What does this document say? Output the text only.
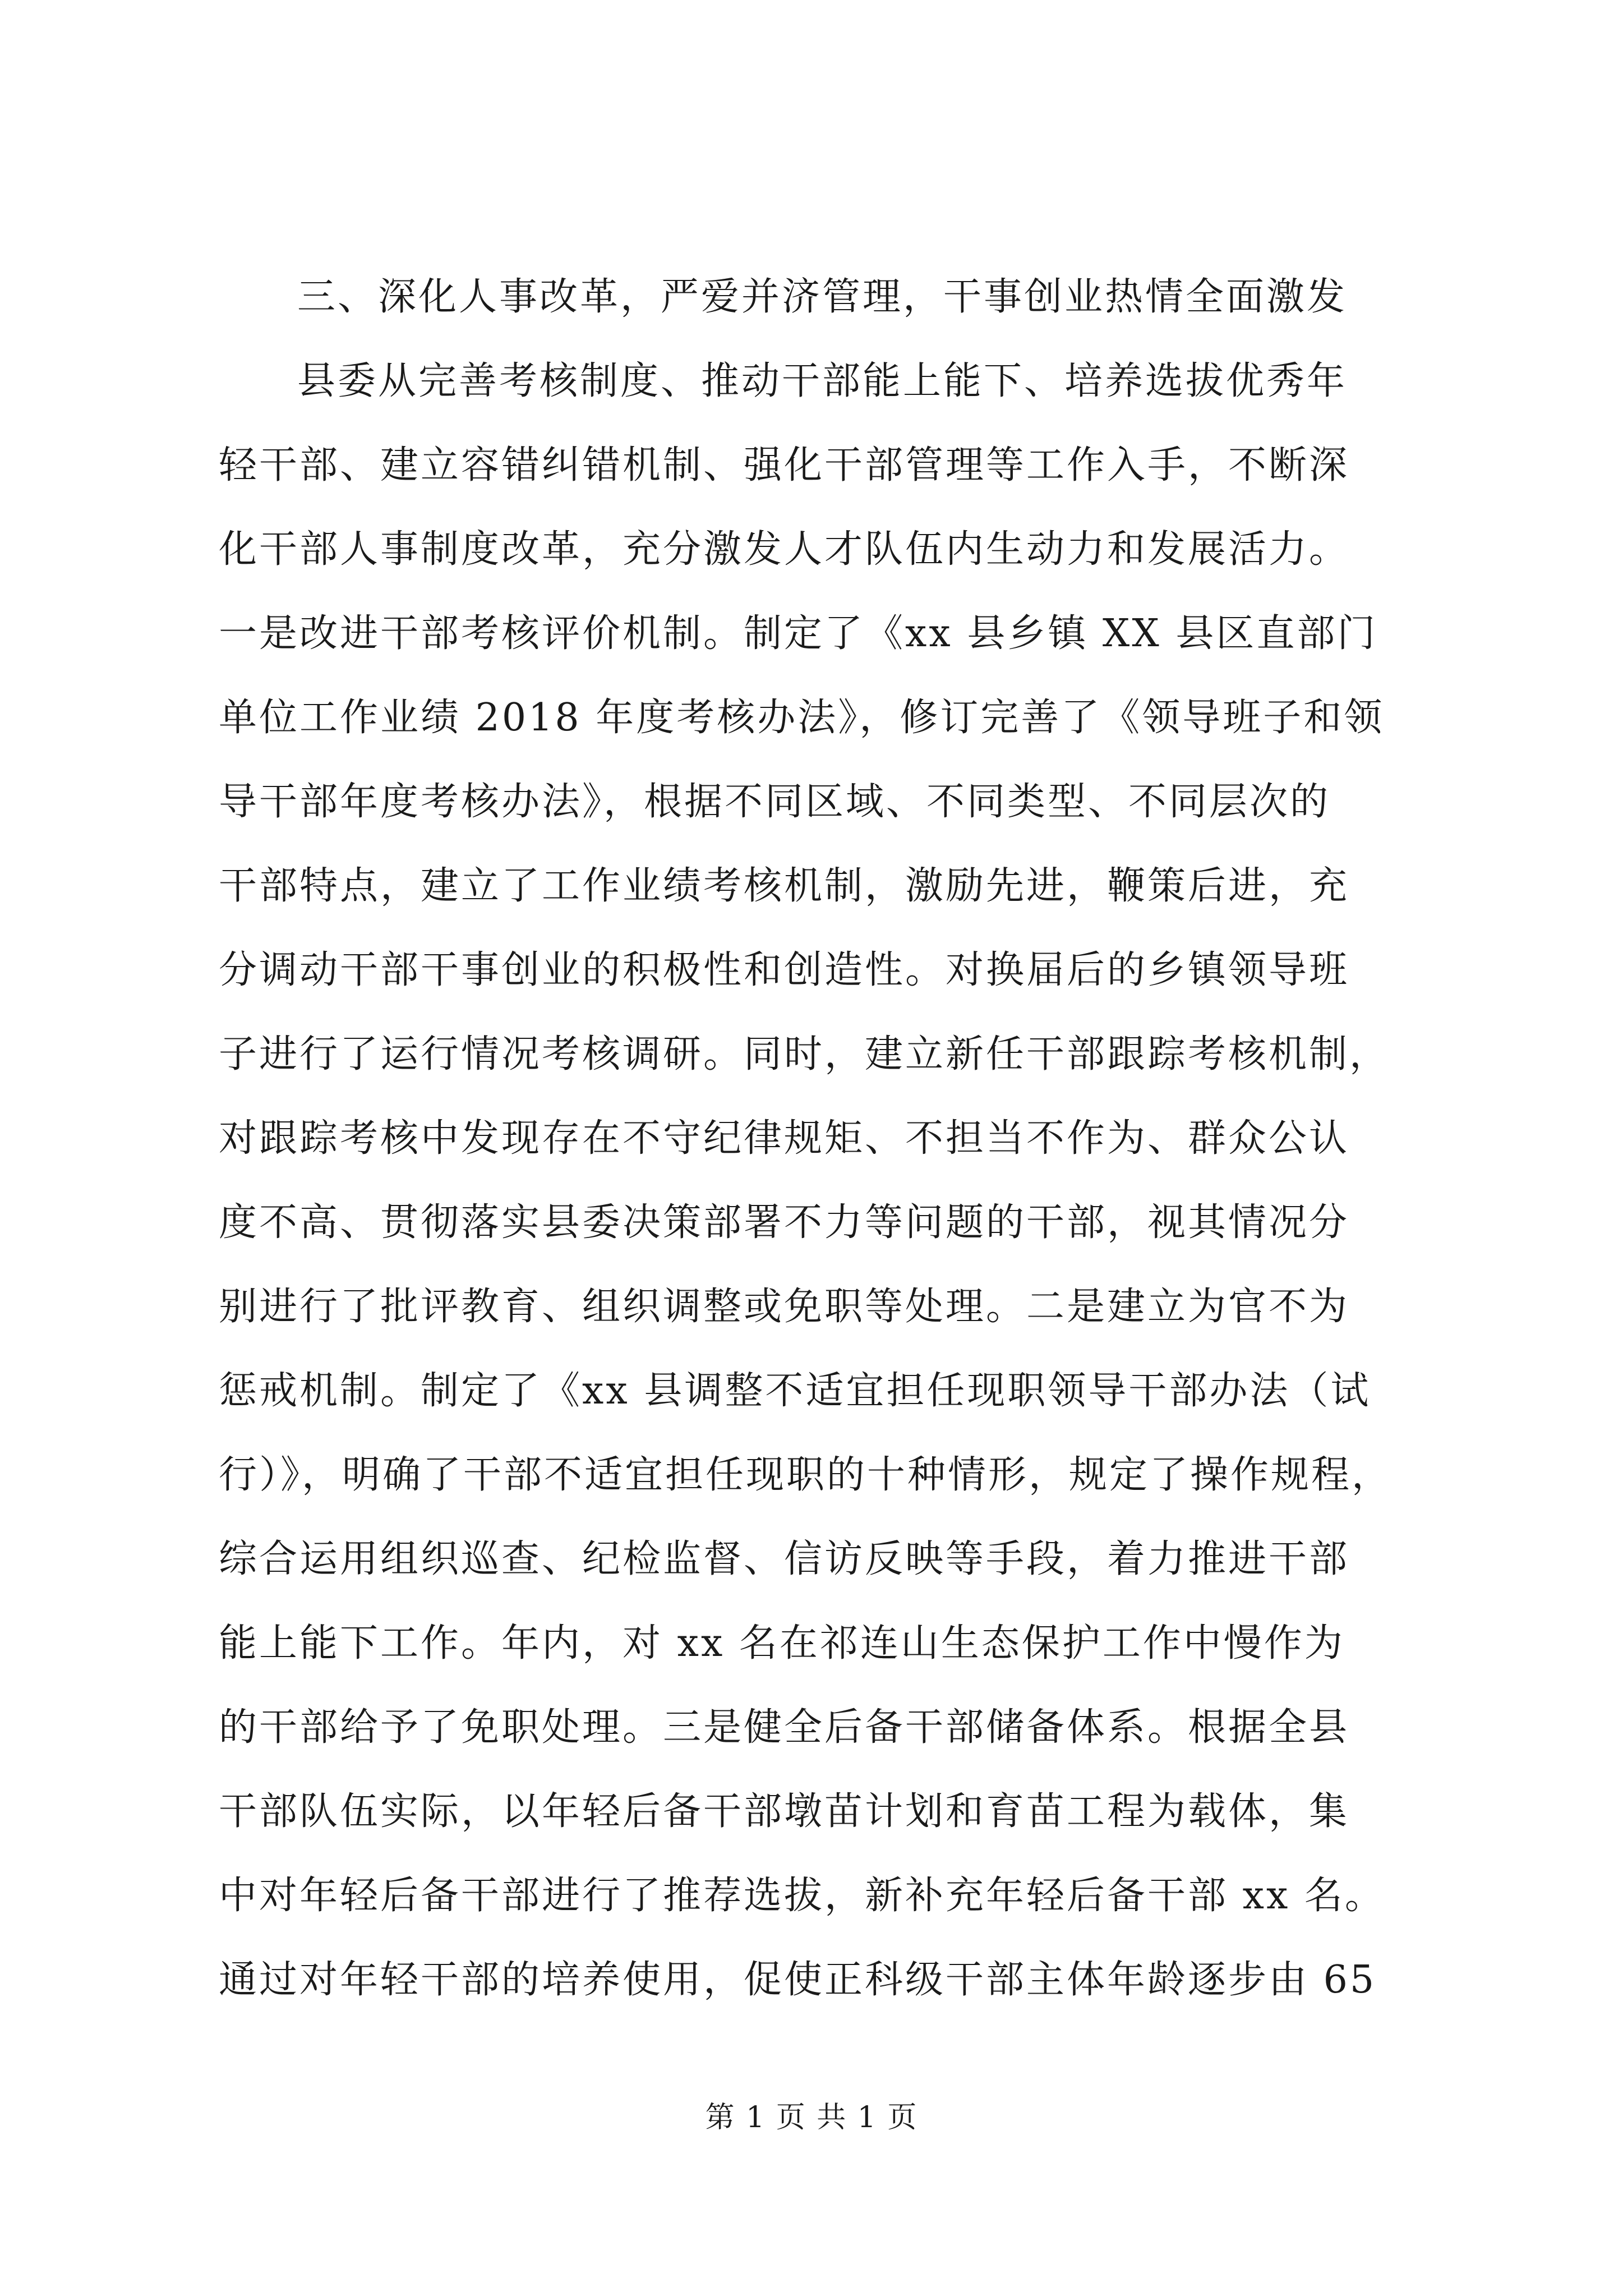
三、深化人事改革，严爱并济管理，干事创业热情全面激发
县委从完善考核制度、推动干部能上能下、培养选拔优秀年
轻干部、建立容错纠错机制、强化干部管理等工作入手，不断深
化干部人事制度改革，充分激发人才队伍内生动力和发展活力。
一是改进干部考核评价机制。制定了《xx 县乡镇 XX 县区直部门
单位工作业绩 2018 年度考核办法》，修订完善了《领导班子和领
导干部年度考核办法》，根据不同区域、不同类型、不同层次的
干部特点，建立了工作业绩考核机制，激励先进，鞭策后进，充
分调动干部干事创业的积极性和创造性。对换届后的乡镇领导班
子进行了运行情况考核调研。同时，建立新任干部跟踪考核机制，
对跟踪考核中发现存在不守纪律规矩、不担当不作为、群众公认
度不高、贯彻落实县委决策部署不力等问题的干部，视其情况分
别进行了批评教育、组织调整或免职等处理。二是建立为官不为
惩戒机制。制定了《xx 县调整不适宜担任现职领导干部办法（试
行）》，明确了干部不适宜担任现职的十种情形，规定了操作规程，
综合运用组织巡查、纪检监督、信访反映等手段，着力推进干部
能上能下工作。年内，对 xx 名在祁连山生态保护工作中慢作为
的干部给予了免职处理。三是健全后备干部储备体系。根据全县
干部队伍实际，以年轻后备干部墩苗计划和育苗工程为载体，集
中对年轻后备干部进行了推荐选拔，新补充年轻后备干部 xx 名。
通过对年轻干部的培养使用，促使正科级干部主体年龄逐步由 65
第 1 页 共 1 页
